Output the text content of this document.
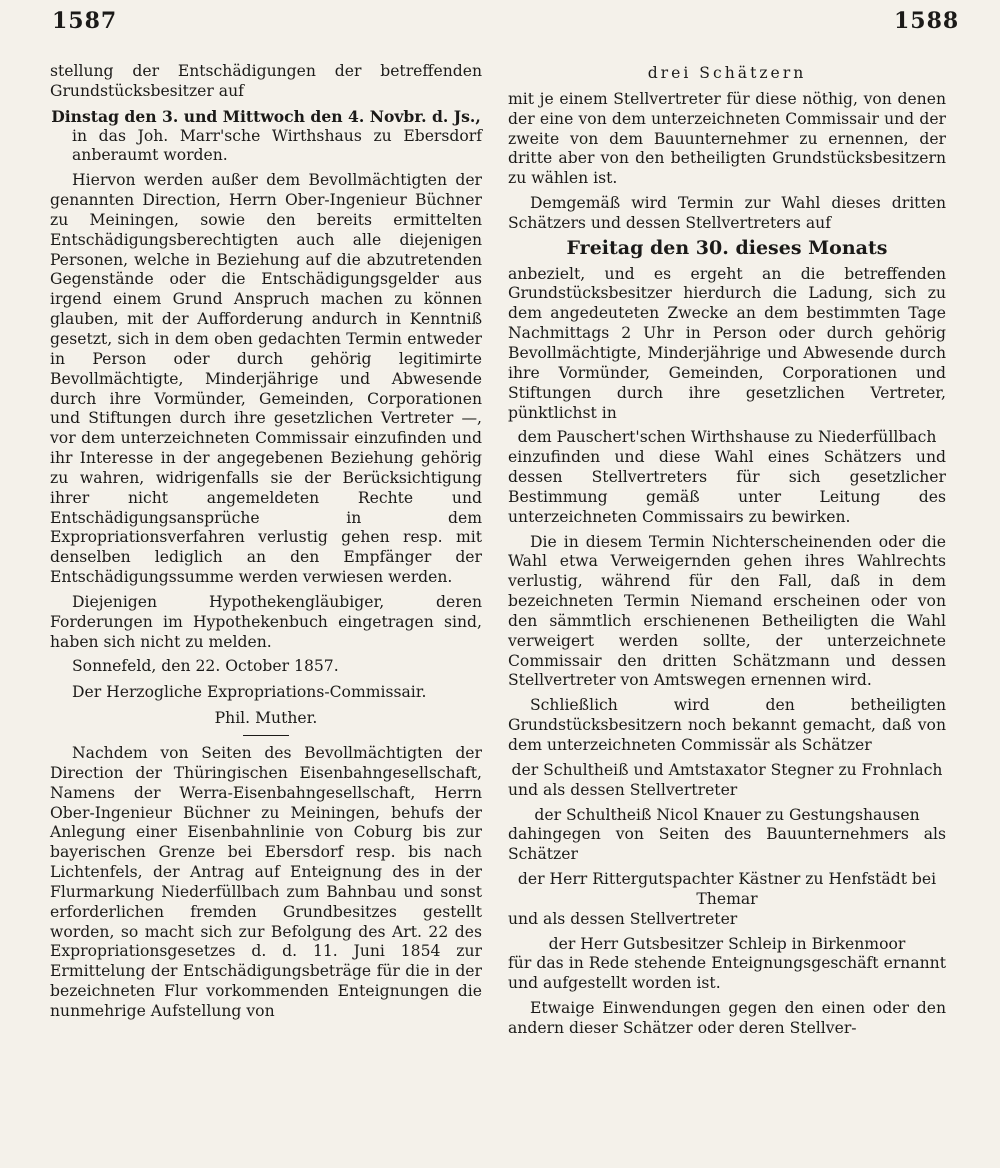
1587	1588

stellung der Entschädigungen der betreffenden Grundstücksbesitzer auf

Dinstag den 3. und Mittwoch den 4. Novbr. d. Js.,

in das Joh. Marr'sche Wirthshaus zu Ebersdorf anberaumt worden.

Hiervon werden außer dem Bevollmächtigten der genannten Direction, Herrn Ober-Ingenieur Büchner zu Meiningen, sowie den bereits ermittelten Entschädigungsberechtigten auch alle diejenigen Personen, welche in Beziehung auf die abzutretenden Gegenstände oder die Entschädigungsgelder aus irgend einem Grund Anspruch machen zu können glauben, mit der Aufforderung andurch in Kenntniß gesetzt, sich in dem oben gedachten Termin entweder in Person oder durch gehörig legitimirte Bevollmächtigte, Minderjährige und Abwesende durch ihre Vormünder, Gemeinden, Corporationen und Stiftungen durch ihre gesetzlichen Vertreter —, vor dem unterzeichneten Commissair einzufinden und ihr Interesse in der angegebenen Beziehung gehörig zu wahren, widrigenfalls sie der Berücksichtigung ihrer nicht angemeldeten Rechte und Entschädigungsansprüche in dem Expropriationsverfahren verlustig gehen resp. mit denselben lediglich an den Empfänger der Entschädigungssumme werden verwiesen werden.

Diejenigen Hypothekengläubiger, deren Forderungen im Hypothekenbuch eingetragen sind, haben sich nicht zu melden.

Sonnefeld, den 22. October 1857.

Der Herzogliche Expropriations-Commissair.

Phil. Muther.

Nachdem von Seiten des Bevollmächtigten der Direction der Thüringischen Eisenbahngesellschaft, Namens der Werra-Eisenbahngesellschaft, Herrn Ober-Ingenieur Büchner zu Meiningen, behufs der Anlegung einer Eisenbahnlinie von Coburg bis zur bayerischen Grenze bei Ebersdorf resp. bis nach Lichtenfels, der Antrag auf Enteignung des in der Flurmarkung Niederfüllbach zum Bahnbau und sonst erforderlichen fremden Grundbesitzes gestellt worden, so macht sich zur Befolgung des Art. 22 des Expropriationsgesetzes d. d. 11. Juni 1854 zur Ermittelung der Entschädigungsbeträge für die in der bezeichneten Flur vorkommenden Enteignungen die nunmehrige Aufstellung von

drei Schätzern

mit je einem Stellvertreter für diese nöthig, von denen der eine von dem unterzeichneten Commissair und der zweite von dem Bauunternehmer zu ernennen, der dritte aber von den betheiligten Grundstücksbesitzern zu wählen ist.

Demgemäß wird Termin zur Wahl dieses dritten Schätzers und dessen Stellvertreters auf

Freitag den 30. dieses Monats

anbezielt, und es ergeht an die betreffenden Grundstücksbesitzer hierdurch die Ladung, sich zu dem angedeuteten Zwecke an dem bestimmten Tage Nachmittags 2 Uhr in Person oder durch gehörig Bevollmächtigte, Minderjährige und Abwesende durch ihre Vormünder, Gemeinden, Corporationen und Stiftungen durch ihre gesetzlichen Vertreter, pünktlichst in

dem Pauschert'schen Wirthshause zu Niederfüllbach

einzufinden und diese Wahl eines Schätzers und dessen Stellvertreters für sich gesetzlicher Bestimmung gemäß unter Leitung des unterzeichneten Commissairs zu bewirken.

Die in diesem Termin Nichterscheinenden oder die Wahl etwa Verweigernden gehen ihres Wahlrechts verlustig, während für den Fall, daß in dem bezeichneten Termin Niemand erscheinen oder von den sämmtlich erschienenen Betheiligten die Wahl verweigert werden sollte, der unterzeichnete Commissair den dritten Schätzmann und dessen Stellvertreter von Amtswegen ernennen wird.

Schließlich wird den betheiligten Grundstücksbesitzern noch bekannt gemacht, daß von dem unterzeichneten Commissär als Schätzer

der Schultheiß und Amtstaxator Stegner zu Frohnlach

und als dessen Stellvertreter

der Schultheiß Nicol Knauer zu Gestungshausen

dahingegen von Seiten des Bauunternehmers als Schätzer

der Herr Rittergutspachter Kästner zu Henfstädt bei Themar

und als dessen Stellvertreter

der Herr Gutsbesitzer Schleip in Birkenmoor

für das in Rede stehende Enteignungsgeschäft ernannt und aufgestellt worden ist.

Etwaige Einwendungen gegen den einen oder den andern dieser Schätzer oder deren Stellver-
